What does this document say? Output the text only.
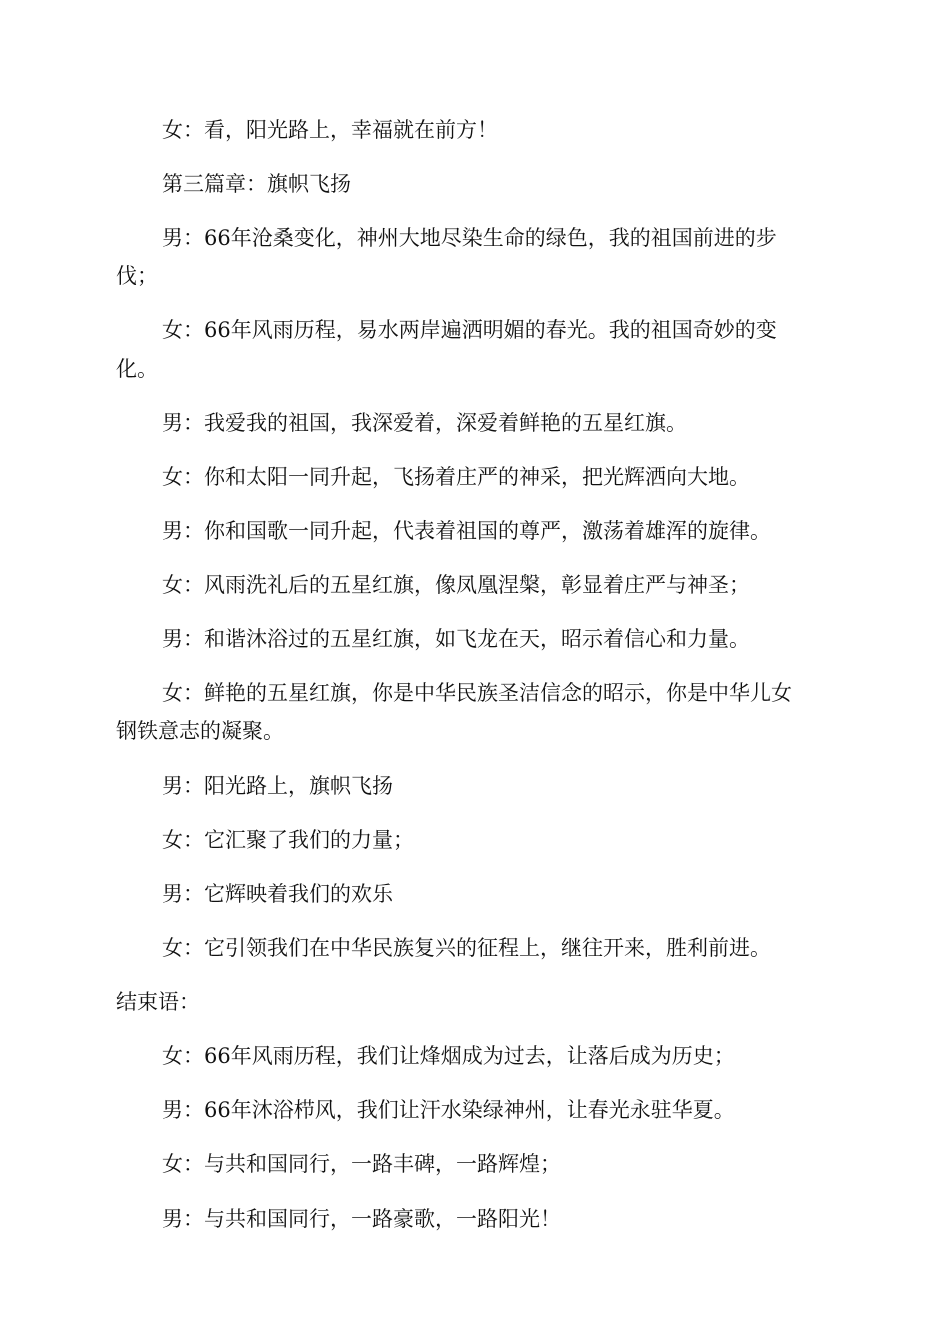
女：看，阳光路上，幸福就在前方！
第三篇章：旗帜飞扬
男：66年沧桑变化，神州大地尽染生命的绿色，我的祖国前进的步
伐；
女：66年风雨历程，易水两岸遍洒明媚的春光。我的祖国奇妙的变
化。
男：我爱我的祖国，我深爱着，深爱着鲜艳的五星红旗。
女：你和太阳一同升起，飞扬着庄严的神采，把光辉洒向大地。
男：你和国歌一同升起，代表着祖国的尊严，激荡着雄浑的旋律。
女：风雨洗礼后的五星红旗，像凤凰涅槃，彰显着庄严与神圣；
男：和谐沐浴过的五星红旗，如飞龙在天，昭示着信心和力量。
女：鲜艳的五星红旗，你是中华民族圣洁信念的昭示，你是中华儿女
钢铁意志的凝聚。
男：阳光路上，旗帜飞扬
女：它汇聚了我们的力量；
男：它辉映着我们的欢乐
女：它引领我们在中华民族复兴的征程上，继往开来，胜利前进。
结束语：
女：66年风雨历程，我们让烽烟成为过去，让落后成为历史；
男：66年沐浴栉风，我们让汗水染绿神州，让春光永驻华夏。
女：与共和国同行，一路丰碑，一路辉煌；
男：与共和国同行，一路豪歌，一路阳光！
